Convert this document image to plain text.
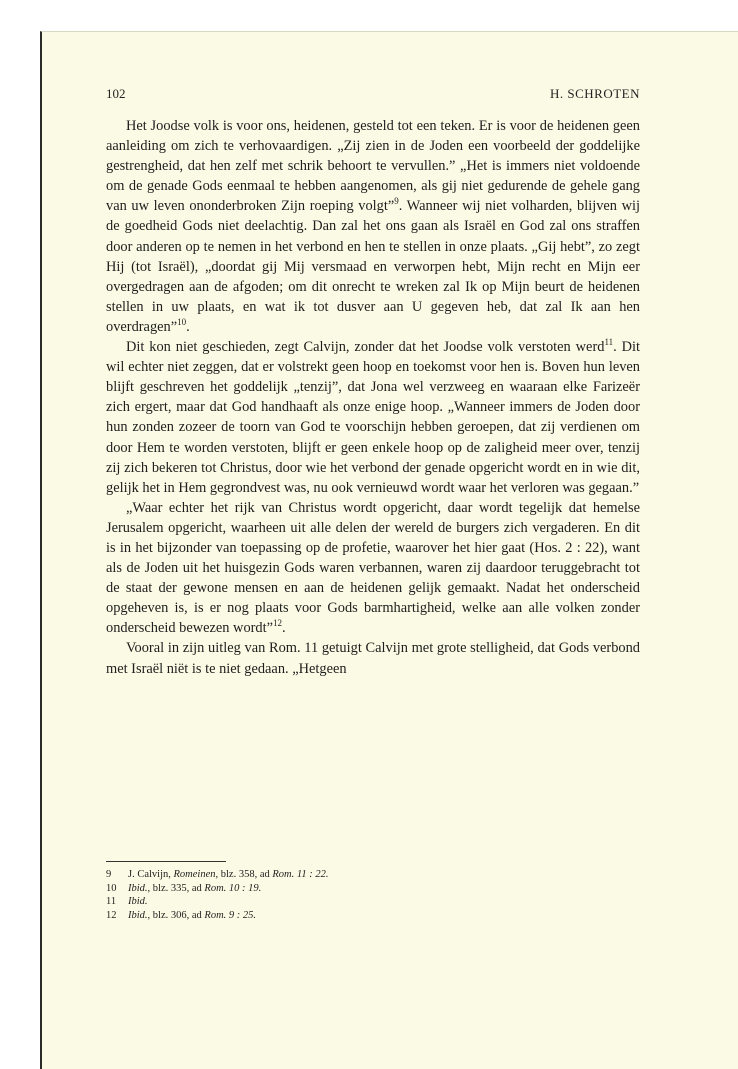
102	H. SCHROTEN

Het Joodse volk is voor ons, heidenen, gesteld tot een teken. Er is voor de heidenen geen aanleiding om zich te verhovaardigen. „Zij zien in de Joden een voorbeeld der goddelijke gestrengheid, dat hen zelf met schrik behoort te vervullen.” „Het is immers niet voldoende om de genade Gods eenmaal te hebben aangenomen, als gij niet gedurende de gehele gang van uw leven ononderbroken Zijn roeping volgt”$^9$. Wanneer wij niet volharden, blijven wij de goedheid Gods niet deelachtig. Dan zal het ons gaan als Israël en God zal ons straffen door anderen op te nemen in het verbond en hen te stellen in onze plaats. „Gij hebt”, zo zegt Hij (tot Israël), „doordat gij Mij versmaad en verworpen hebt, Mijn recht en Mijn eer overgedragen aan de afgoden; om dit onrecht te wreken zal Ik op Mijn beurt de heidenen stellen in uw plaats, en wat ik tot dusver aan U gegeven heb, dat zal Ik aan hen overdragen”$^{10}$.

Dit kon niet geschieden, zegt Calvijn, zonder dat het Joodse volk verstoten werd$^{11}$. Dit wil echter niet zeggen, dat er volstrekt geen hoop en toekomst voor hen is. Boven hun leven blijft geschreven het goddelijk „tenzij”, dat Jona wel verzweeg en waaraan elke Farizeër zich ergert, maar dat God handhaaft als onze enige hoop. „Wanneer immers de Joden door hun zonden zozeer de toorn van God te voorschijn hebben geroepen, dat zij verdienen om door Hem te worden verstoten, blijft er geen enkele hoop op de zaligheid meer over, tenzij zij zich bekeren tot Christus, door wie het verbond der genade opgericht wordt en in wie dit, gelijk het in Hem gegrondvest was, nu ook vernieuwd wordt waar het verloren was gegaan.”

„Waar echter het rijk van Christus wordt opgericht, daar wordt tegelijk dat hemelse Jerusalem opgericht, waarheen uit alle delen der wereld de burgers zich vergaderen. En dit is in het bijzonder van toepassing op de profetie, waarover het hier gaat (Hos. 2 : 22), want als de Joden uit het huisgezin Gods waren verbannen, waren zij daardoor teruggebracht tot de staat der gewone mensen en aan de heidenen gelijk gemaakt. Nadat het onderscheid opgeheven is, is er nog plaats voor Gods barmhartigheid, welke aan alle volken zonder onderscheid bewezen wordt”$^{12}$.

Vooral in zijn uitleg van Rom. 11 getuigt Calvijn met grote stelligheid, dat Gods verbond met Israël niët is te niet gedaan. „Hetgeen

9	J. Calvijn, Romeinen, blz. 358, ad Rom. 11 : 22.
10	Ibid., blz. 335, ad Rom. 10 : 19.
11	Ibid.
12	Ibid., blz. 306, ad Rom. 9 : 25.
